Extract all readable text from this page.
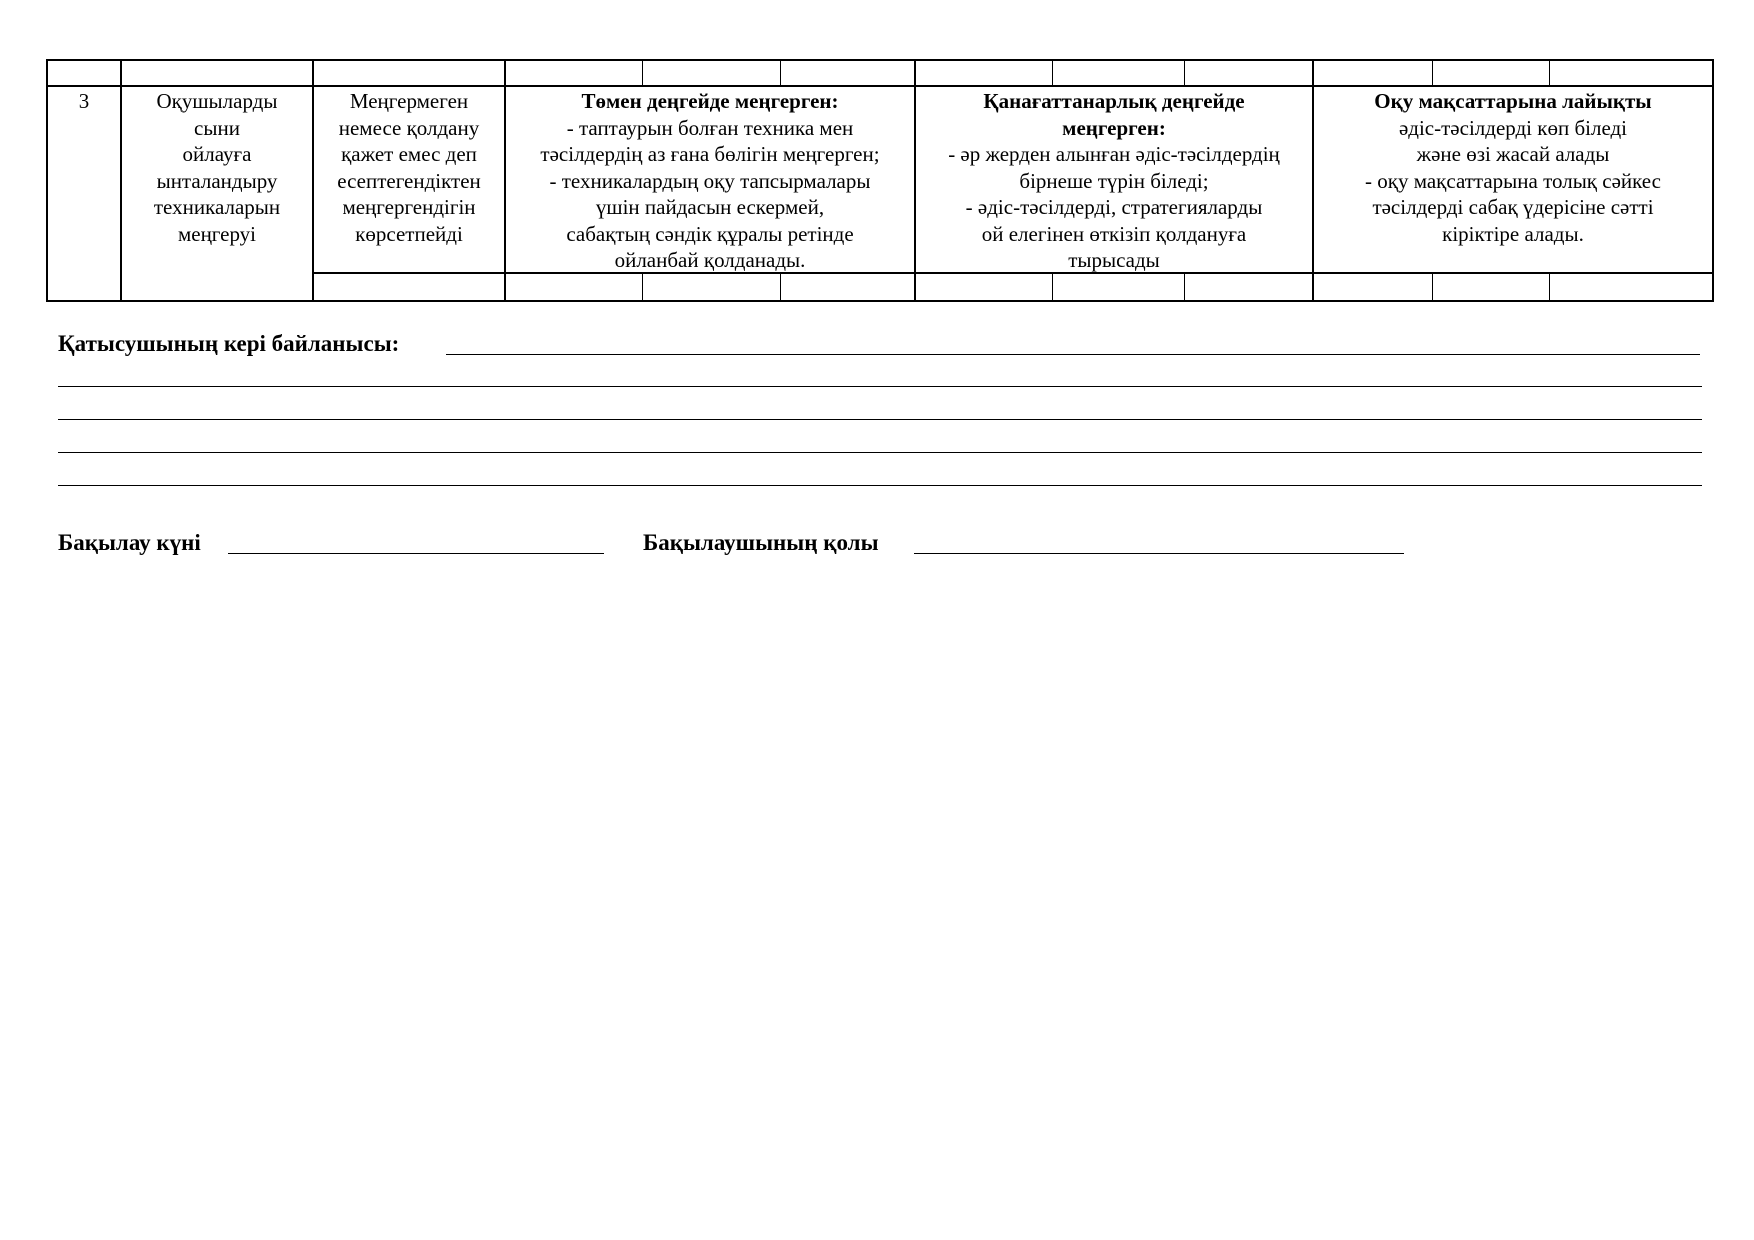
3	Оқушыларды
сыни
ойлауға
ынталандыру
техникаларын
меңгеруі
Меңгермеген
немесе қолдану
қажет емес деп
есептегендіктен
меңгергендігін
көрсетпейді
Төмен деңгейде меңгерген:
- таптаурын болған техника мен
тәсілдердің аз ғана бөлігін меңгерген;
- техникалардың оқу тапсырмалары
үшін пайдасын ескермей,
сабақтың сәндік құралы ретінде
ойланбай қолданады.
Қанағаттанарлық деңгейде
меңгерген:
- әр жерден алынған әдіс-тәсілдердің
бірнеше түрін біледі;
- әдіс-тәсілдерді, стратегияларды
ой елегінен өткізіп қолдануға
тырысады
Оқу мақсаттарына лайықты
әдіс-тәсілдерді көп біледі
және өзі жасай алады
- оқу мақсаттарына толық сәйкес
тәсілдерді сабақ үдерісіне сәтті
кіріктіре алады.
Қатысушының кері байланысы:
Бақылау күні	Бақылаушының қолы
